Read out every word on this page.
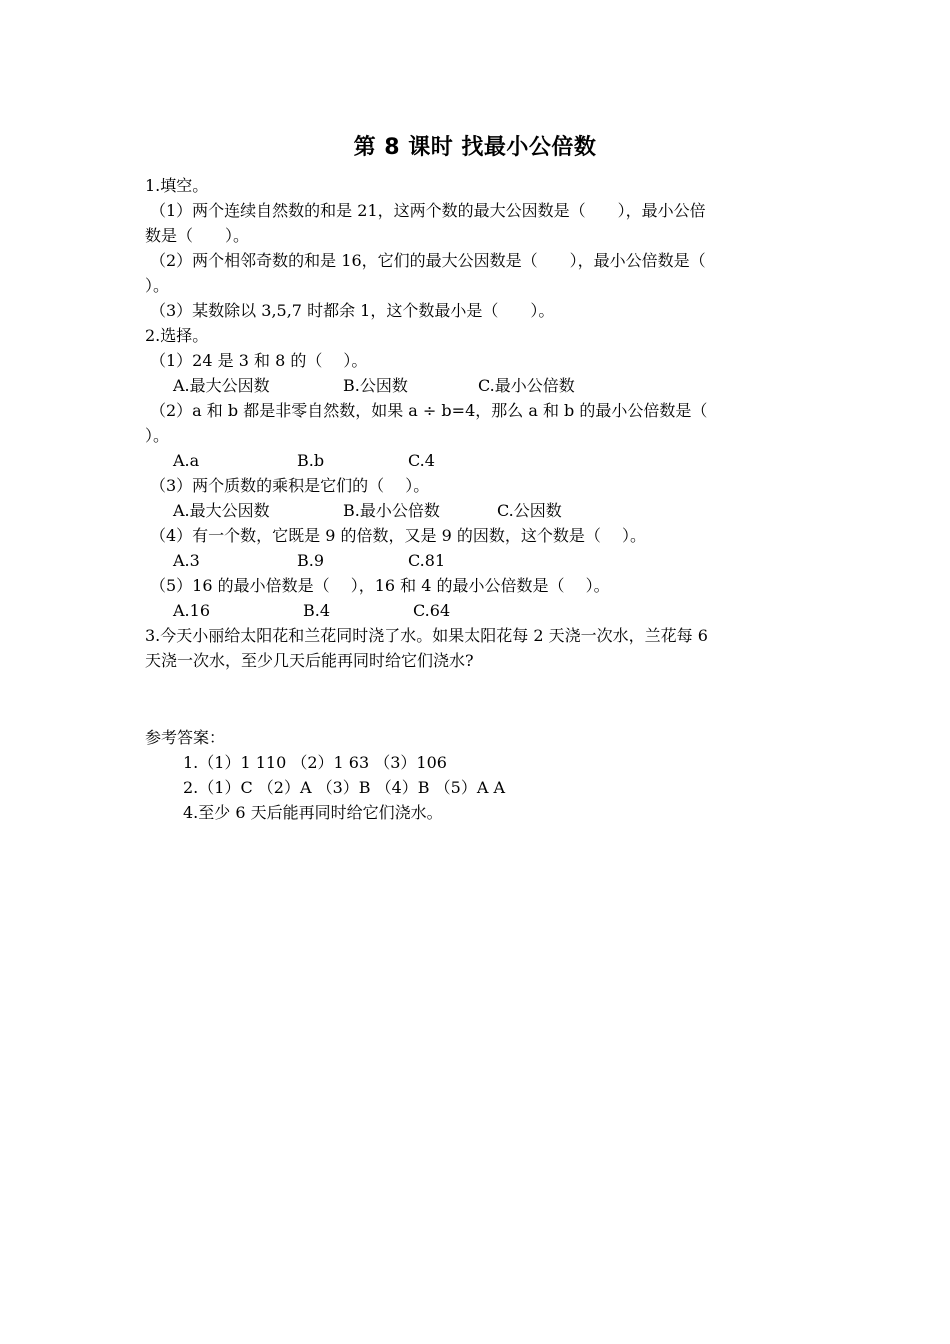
第 8 课时 找最小公倍数
1.填空。
（1）两个连续自然数的和是 21，这两个数的最大公因数是（　　），最小公倍
数是（　　）。
（2）两个相邻奇数的和是 16，它们的最大公因数是（　　），最小公倍数是（
）。
（3）某数除以 3,5,7 时都余 1，这个数最小是（　　）。
2.选择。
（1）24 是 3 和 8 的（　 ）。
A.最大公因数	B.公因数	C.最小公倍数
（2）a 和 b 都是非零自然数，如果 a ÷ b=4，那么 a 和 b 的最小公倍数是（
）。
A.a	B.b	C.4
（3）两个质数的乘积是它们的（　 ）。
A.最大公因数	B.最小公倍数	C.公因数
（4）有一个数，它既是 9 的倍数，又是 9 的因数，这个数是（　 ）。
A.3	B.9	C.81
（5）16 的最小倍数是（　 ），16 和 4 的最小公倍数是（　 ）。
A.16	B.4	C.64
3.今天小丽给太阳花和兰花同时浇了水。如果太阳花每 2 天浇一次水，兰花每 6
天浇一次水，至少几天后能再同时给它们浇水?
参考答案：
1.（1）1 110 （2）1 63 （3）106
2.（1）C （2）A （3）B （4）B （5）A A
4.至少 6 天后能再同时给它们浇水。
